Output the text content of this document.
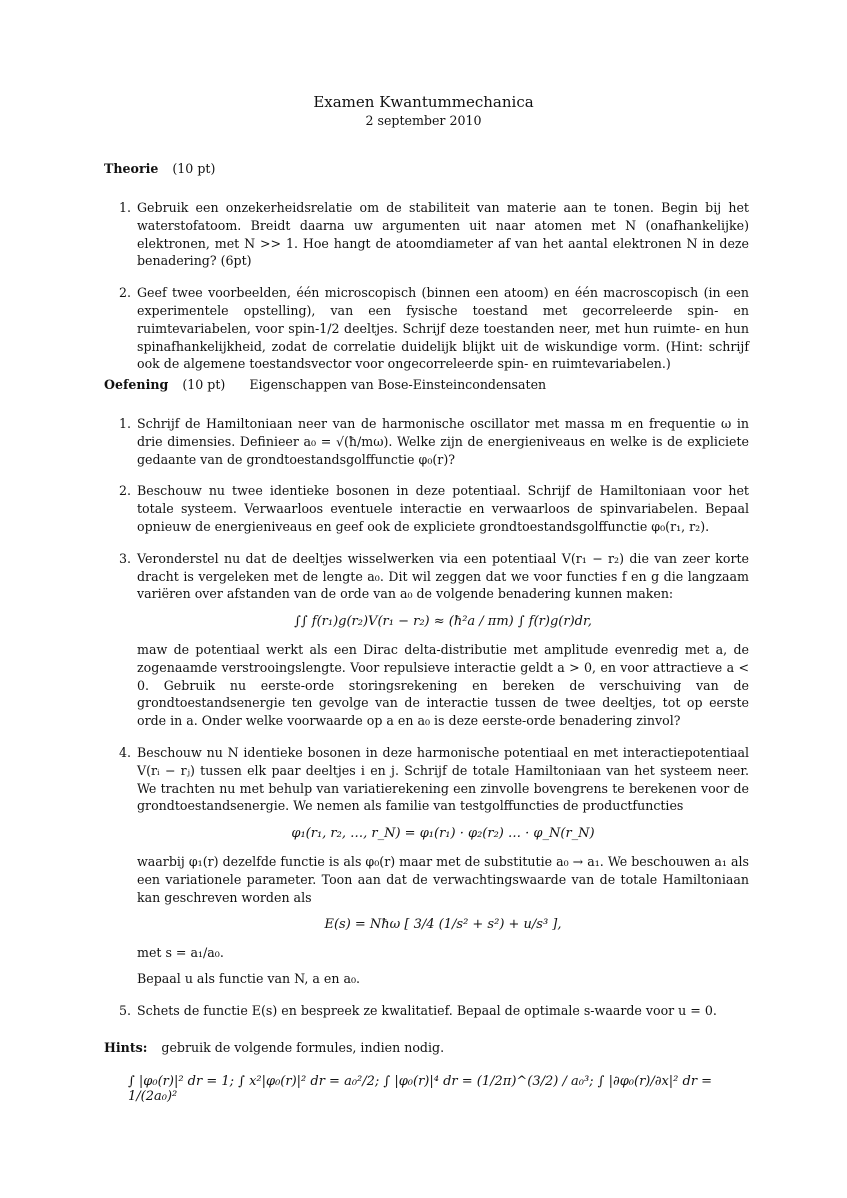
Examen Kwantummechanica
2 september 2010
Theorie (10 pt)
1. Gebruik een onzekerheidsrelatie om de stabiliteit van materie aan te tonen. Begin bij het waterstofatoom. Breidt daarna uw argumenten uit naar atomen met N (onafhankelijke) elektronen, met N >> 1. Hoe hangt de atoomdiameter af van het aantal elektronen N in deze benadering? (6pt)
2. Geef twee voorbeelden, één microscopisch (binnen een atoom) en één macroscopisch (in een experimentele opstelling), van een fysische toestand met gecorreleerde spin- en ruimtevariabelen, voor spin-1/2 deeltjes. Schrijf deze toestanden neer, met hun ruimte- en hun spinafhankelijkheid, zodat de correlatie duidelijk blijkt uit de wiskundige vorm. (Hint: schrijf ook de algemene toestandsvector voor ongecorreleerde spin- en ruimtevariabelen.)
Oefening (10 pt) Eigenschappen van Bose-Einsteincondensaten
1. Schrijf de Hamiltoniaan neer van de harmonische oscillator met massa m en frequentie ω in drie dimensies. Definieer a₀ = √(ħ/mω). Welke zijn de energieniveaus en welke is de expliciete gedaante van de grondtoestandsgolffunctie φ₀(r)?
2. Beschouw nu twee identieke bosonen in deze potentiaal. Schrijf de Hamiltoniaan voor het totale systeem. Verwaarloos eventuele interactie en verwaarloos de spinvariabelen. Bepaal opnieuw de energieniveaus en geef ook de expliciete grondtoestandsgolffunctie φ₀(r₁, r₂).
3. Veronderstel nu dat de deeltjes wisselwerken via een potentiaal V(r₁ − r₂) die van zeer korte dracht is vergeleken met de lengte a₀. Dit wil zeggen dat we voor functies f en g die langzaam variëren over afstanden van de orde van a₀ de volgende benadering kunnen maken:
∫∫ f(r₁)g(r₂)V(r₁ − r₂) ≈ (ħ²a / πm) ∫ f(r)g(r)dr,
maw de potentiaal werkt als een Dirac delta-distributie met amplitude evenredig met a, de zogenaamde verstrooingslengte. Voor repulsieve interactie geldt a > 0, en voor attractieve a < 0. Gebruik nu eerste-orde storingsrekening en bereken de verschuiving van de grondtoestandsenergie ten gevolge van de interactie tussen de twee deeltjes, tot op eerste orde in a. Onder welke voorwaarde op a en a₀ is deze eerste-orde benadering zinvol?
4. Beschouw nu N identieke bosonen in deze harmonische potentiaal en met interactiepotentiaal V(rᵢ − rⱼ) tussen elk paar deeltjes i en j. Schrijf de totale Hamiltoniaan van het systeem neer. We trachten nu met behulp van variatierekening een zinvolle bovengrens te berekenen voor de grondtoestandsenergie. We nemen als familie van testgolffuncties de productfuncties
φ₁(r₁, r₂, …, r_N) = φ₁(r₁) · φ₂(r₂) … · φ_N(r_N)
waarbij φ₁(r) dezelfde functie is als φ₀(r) maar met de substitutie a₀ → a₁. We beschouwen a₁ als een variationele parameter. Toon aan dat de verwachtingswaarde van de totale Hamiltoniaan kan geschreven worden als
E(s) = Nħω [ 3/4 (1/s² + s²) + u/s³ ],
met s = a₁/a₀.
Bepaal u als functie van N, a en a₀.
5. Schets de functie E(s) en bespreek ze kwalitatief. Bepaal de optimale s-waarde voor u = 0.
Hints: gebruik de volgende formules, indien nodig.
∫ |φ₀(r)|² dr = 1; ∫ x²|φ₀(r)|² dr = a₀²/2; ∫ |φ₀(r)|⁴ dr = (1/2π)^(3/2) / a₀³; ∫ |∂φ₀(r)/∂x|² dr = 1/(2a₀)²
